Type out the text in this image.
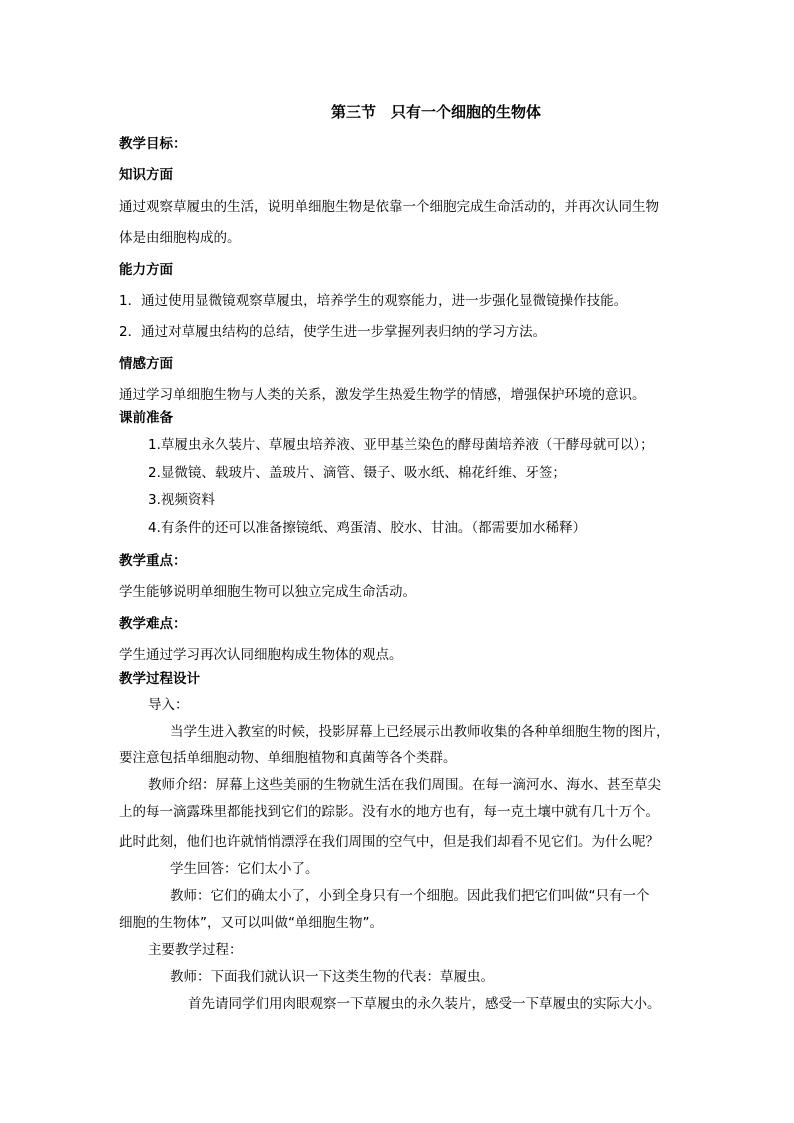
第三节　只有一个细胞的生物体
教学目标：
知识方面
通过观察草履虫的生活，说明单细胞生物是依靠一个细胞完成生命活动的，并再次认同生物
体是由细胞构成的。
能力方面
1．通过使用显微镜观察草履虫，培养学生的观察能力，进一步强化显微镜操作技能。
2．通过对草履虫结构的总结，使学生进一步掌握列表归纳的学习方法。
情感方面
通过学习单细胞生物与人类的关系，激发学生热爱生物学的情感，增强保护环境的意识。
课前准备
1.草履虫永久装片、草履虫培养液、亚甲基兰染色的酵母菌培养液（干酵母就可以）；
2.显微镜、载玻片、盖玻片、滴管、镊子、吸水纸、棉花纤维、牙签；
3.视频资料
4.有条件的还可以准备擦镜纸、鸡蛋清、胶水、甘油。（都需要加水稀释）
教学重点：
学生能够说明单细胞生物可以独立完成生命活动。
教学难点：
学生通过学习再次认同细胞构成生物体的观点。
教学过程设计
导入：
当学生进入教室的时候，投影屏幕上已经展示出教师收集的各种单细胞生物的图片，
要注意包括单细胞动物、单细胞植物和真菌等各个类群。
教师介绍：屏幕上这些美丽的生物就生活在我们周围。在每一滴河水、海水、甚至草尖
上的每一滴露珠里都能找到它们的踪影。没有水的地方也有，每一克土壤中就有几十万个。
此时此刻，他们也许就悄悄漂浮在我们周围的空气中，但是我们却看不见它们。为什么呢？
学生回答：它们太小了。
教师：它们的确太小了，小到全身只有一个细胞。因此我们把它们叫做“只有一个
细胞的生物体”，又可以叫做“单细胞生物”。
主要教学过程：
教师：下面我们就认识一下这类生物的代表：草履虫。
首先请同学们用肉眼观察一下草履虫的永久装片，感受一下草履虫的实际大小。
